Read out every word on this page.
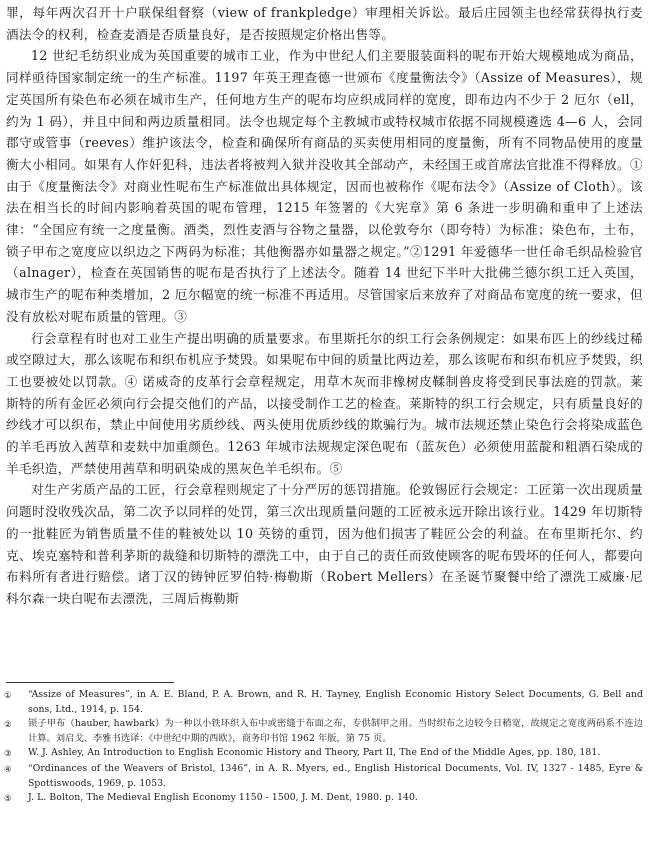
罪，每年两次召开十户联保组督察（view of frankpledge）审理相关诉讼。最后庄园领主也经常获得执行麦酒法令的权利，检查麦酒是否质量良好，是否按照规定价格出售等。

12 世纪毛纺织业成为英国重要的城市工业，作为中世纪人们主要服装面料的呢布开始大规模地成为商品，同样亟待国家制定统一的生产标准。1197 年英王理查德一世颁布《度量衡法令》（Assize of Measures），规定英国所有染色布必须在城市生产，任何地方生产的呢布均应织成同样的宽度，即布边内不少于 2 厄尔（ell，约为 1 码），并且中间和两边质量相同。法令也规定每个主教城市或特权城市依据不同规模遴选 4—6 人，会同郡守或管事（reeves）维护该法令，检查和确保所有商品的买卖使用相同的度量衡，所有不同物品使用的度量衡大小相同。如果有人作奸犯科，违法者将被判入狱并没收其全部动产，未经国王或首席法官批准不得释放。① 由于《度量衡法令》对商业性呢布生产标准做出具体规定，因而也被称作《呢布法令》（Assize of Cloth）。该法在相当长的时间内影响着英国的呢布管理，1215 年签署的《大宪章》第 6 条进一步明确和重申了上述法律：“全国应有统一之度量衡。酒类，烈性麦酒与谷物之量器，以伦敦夸尔（即夸特）为标准；染色布，土布，锁子甲布之宽度应以织边之下两码为标准；其他衡器亦如量器之规定。”②1291 年爱德华一世任命毛织品检验官（alnager），检查在英国销售的呢布是否执行了上述法令。随着 14 世纪下半叶大批佛兰德尔织工迁入英国，城市生产的呢布种类增加，2 厄尔幅宽的统一标准不再适用。尽管国家后来放弃了对商品布宽度的统一要求，但没有放松对呢布质量的管理。③

行会章程有时也对工业生产提出明确的质量要求。布里斯托尔的织工行会条例规定：如果布匹上的纱线过稀或空隙过大，那么该呢布和织布机应予焚毁。如果呢布中间的质量比两边差，那么该呢布和织布机应予焚毁，织工也要被处以罚款。④ 诺威奇的皮革行会章程规定，用草木灰而非橡树皮鞣制兽皮将受到民事法庭的罚款。莱斯特的所有金匠必须向行会提交他们的产品，以接受制作工艺的检查。莱斯特的织工行会规定，只有质量良好的纱线才可以织布，禁止中间使用劣质纱线、两头使用优质纱线的欺骗行为。城市法规还禁止染色行会将染成蓝色的羊毛再放入茜草和麦麸中加重颜色。1263 年城市法规规定深色呢布（蓝灰色）必须使用蓝靛和粗酒石染成的羊毛织造，严禁使用茜草和明矾染成的黑灰色羊毛织布。⑤

对生产劣质产品的工匠，行会章程则规定了十分严厉的惩罚措施。伦敦锡匠行会规定：工匠第一次出现质量问题时没收残次品，第二次予以同样的处罚，第三次出现质量问题的工匠被永远开除出该行业。1429 年切斯特的一批鞋匠为销售质量不佳的鞋被处以 10 英镑的重罚，因为他们损害了鞋匠公会的利益。在布里斯托尔、约克、埃克塞特和普利茅斯的裁缝和切斯特的漂洗工中，由于自己的责任而致使顾客的呢布毁坏的任何人，都要向布料所有者进行赔偿。诸丁汉的铸钟匠罗伯特·梅勒斯（Robert Mellers）在圣诞节聚餐中给了漂洗工威廉·尼科尔森一块白呢布去漂洗，三周后梅勒斯

①	“Assize of Measures”, in A. E. Bland, P. A. Brown, and R. H. Tayney, English Economic History Select Documents, G. Bell and sons, Ltd., 1914, p. 154.
②	锁子甲布（hauber, hawbark）为一种以小铁环织入布中或密缝于布面之布，专供制甲之用。当时织布之边较今日稍宽，故规定之宽度两码系不连边计算。刘启戈、李雅书选译：《中世纪中期的西欧》，商务印书馆 1962 年版，第 75 页。
③	W. J. Ashley, An Introduction to English Economic History and Theory, Part II, The End of the Middle Ages, pp. 180, 181.
④	“Ordinances of the Weavers of Bristol, 1346”, in A. R. Myers, ed., English Historical Documents, Vol. IV, 1327 - 1485, Eyre & Spottiswoods, 1969, p. 1053.
⑤	J. L. Bolton, The Medieval English Economy 1150 - 1500, J. M. Dent, 1980. p. 140.
